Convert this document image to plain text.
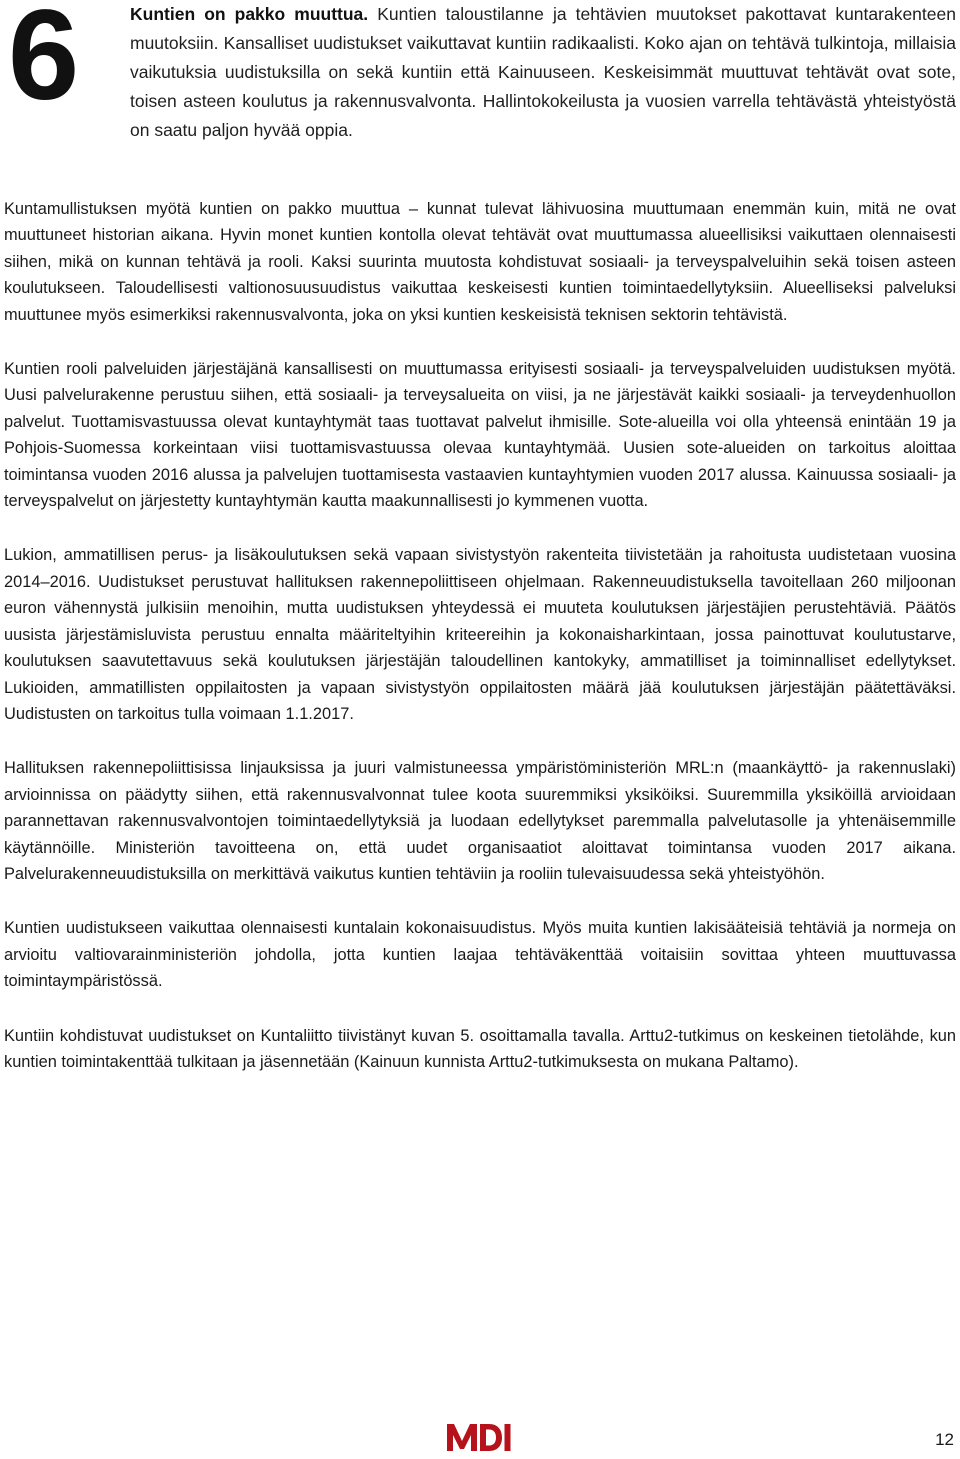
6	Kuntien on pakko muuttua. Kuntien taloustilanne ja tehtävien muutokset pakottavat kuntarakenteen muutoksiin. Kansalliset uudistukset vaikuttavat kuntiin radikaalisti. Koko ajan on tehtävä tulkintoja, millaisia vaikutuksia uudistuksilla on sekä kuntiin että Kainuuseen. Keskeisimmät muuttuvat tehtävät ovat sote, toisen asteen koulutus ja rakennusvalvonta. Hallintokokeilusta ja vuosien varrella tehtävästä yhteistyöstä on saatu paljon hyvää oppia.

Kuntamullistuksen myötä kuntien on pakko muuttua – kunnat tulevat lähivuosina muuttumaan enemmän kuin, mitä ne ovat muuttuneet historian aikana. Hyvin monet kuntien kontolla olevat tehtävät ovat muuttumassa alueellisiksi vaikuttaen olennaisesti siihen, mikä on kunnan tehtävä ja rooli. Kaksi suurinta muutosta kohdistuvat sosiaali- ja terveyspalveluihin sekä toisen asteen koulutukseen. Taloudellisesti valtionosuusuudistus vaikuttaa keskeisesti kuntien toimintaedellytyksiin. Alueelliseksi palveluksi muuttunee myös esimerkiksi rakennusvalvonta, joka on yksi kuntien keskeisistä teknisen sektorin tehtävistä.

Kuntien rooli palveluiden järjestäjänä kansallisesti on muuttumassa erityisesti sosiaali- ja terveyspalveluiden uudistuksen myötä. Uusi palvelurakenne perustuu siihen, että sosiaali- ja terveysalueita on viisi, ja ne järjestävät kaikki sosiaali- ja terveydenhuollon palvelut. Tuottamisvastuussa olevat kuntayhtymät taas tuottavat palvelut ihmisille. Sote-alueilla voi olla yhteensä enintään 19 ja Pohjois-Suomessa korkeintaan viisi tuottamisvastuussa olevaa kuntayhtymää. Uusien sote-alueiden on tarkoitus aloittaa toimintansa vuoden 2016 alussa ja palvelujen tuottamisesta vastaavien kuntayhtymien vuoden 2017 alussa. Kainuussa sosiaali- ja terveyspalvelut on järjestetty kuntayhtymän kautta maakunnallisesti jo kymmenen vuotta.

Lukion, ammatillisen perus- ja lisäkoulutuksen sekä vapaan sivistystyön rakenteita tiivistetään ja rahoitusta uudistetaan vuosina 2014–2016. Uudistukset perustuvat hallituksen rakennepoliittiseen ohjelmaan. Rakenneuudistuksella tavoitellaan 260 miljoonan euron vähennystä julkisiin menoihin, mutta uudistuksen yhteydessä ei muuteta koulutuksen järjestäjien perustehtäviä. Päätös uusista järjestämisluvista perustuu ennalta määriteltyihin kriteereihin ja kokonaisharkintaan, jossa painottuvat koulutustarve, koulutuksen saavutettavuus sekä koulutuksen järjestäjän taloudellinen kantokyky, ammatilliset ja toiminnalliset edellytykset. Lukioiden, ammatillisten oppilaitosten ja vapaan sivistystyön oppilaitosten määrä jää koulutuksen järjestäjän päätettäväksi. Uudistusten on tarkoitus tulla voimaan 1.1.2017.

Hallituksen rakennepoliittisissa linjauksissa ja juuri valmistuneessa ympäristöministeriön MRL:n (maankäyttö- ja rakennuslaki) arvioinnissa on päädytty siihen, että rakennusvalvonnat tulee koota suuremmiksi yksiköiksi. Suuremmilla yksiköillä arvioidaan parannettavan rakennusvalvontojen toimintaedellytyksiä ja luodaan edellytykset paremmalla palvelutasolle ja yhtenäisemmille käytännöille. Ministeriön tavoitteena on, että uudet organisaatiot aloittavat toimintansa vuoden 2017 aikana. Palvelurakenneuudistuksilla on merkittävä vaikutus kuntien tehtäviin ja rooliin tulevaisuudessa sekä yhteistyöhön.

Kuntien uudistukseen vaikuttaa olennaisesti kuntalain kokonaisuudistus. Myös muita kuntien lakisääteisiä tehtäviä ja normeja on arvioitu valtiovarainministeriön johdolla, jotta kuntien laajaa tehtäväkenttää voitaisiin sovittaa yhteen muuttuvassa toimintaympäristössä.

Kuntiin kohdistuvat uudistukset on Kuntaliitto tiivistänyt kuvan 5. osoittamalla tavalla. Arttu2-tutkimus on keskeinen tietolähde, kun kuntien toimintakenttää tulkitaan ja jäsennetään (Kainuun kunnista Arttu2-tutkimuksesta on mukana Paltamo).

12
